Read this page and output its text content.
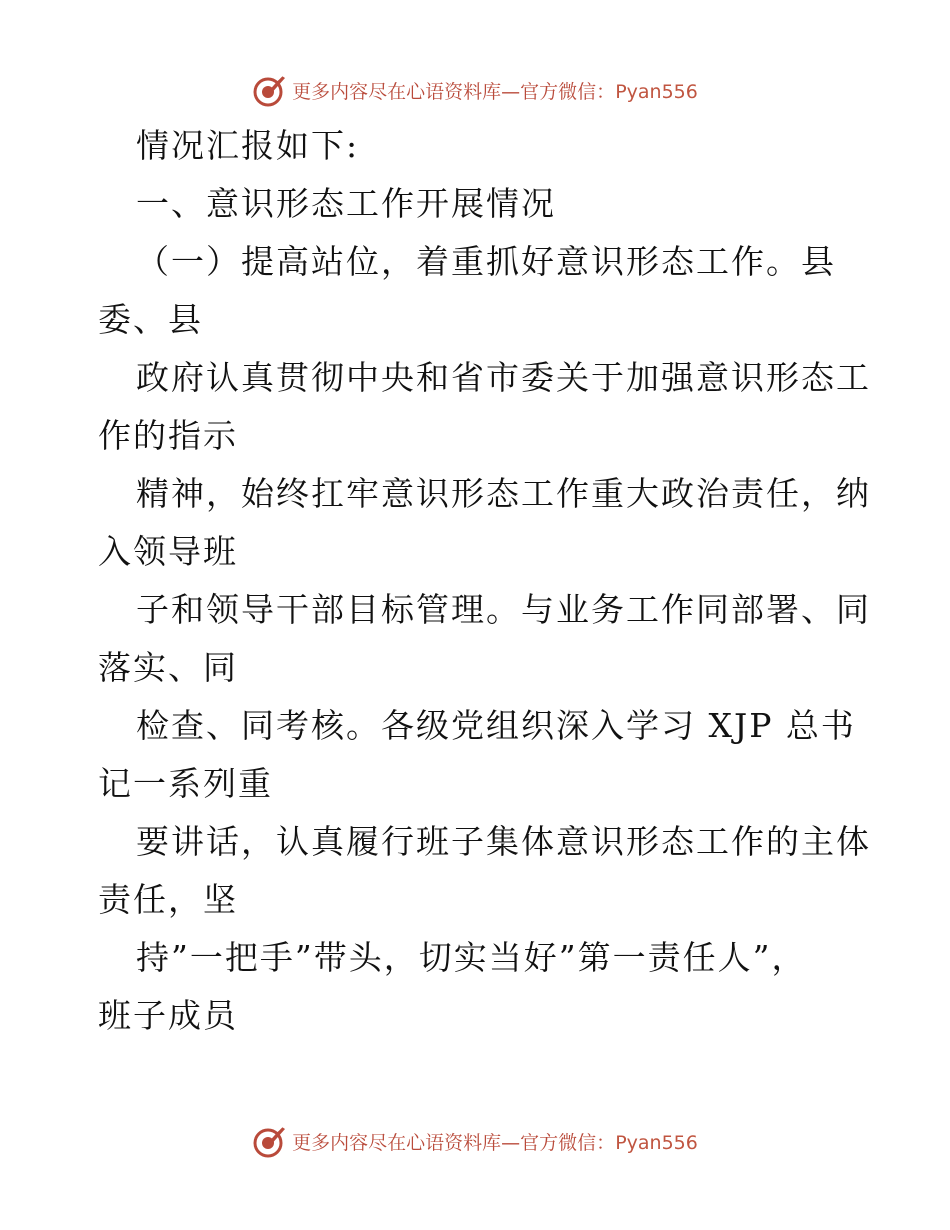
更多内容尽在心语资料库—官方微信：Pyan556
情况汇报如下:
一、意识形态工作开展情况
（一）提高站位，着重抓好意识形态工作。县
委、县
政府认真贯彻中央和省市委关于加强意识形态工
作的指示
精神，始终扛牢意识形态工作重大政治责任，纳
入领导班
子和领导干部目标管理。与业务工作同部署、同
落实、同
检查、同考核。各级党组织深入学习 XJP 总书
记一系列重
要讲话，认真履行班子集体意识形态工作的主体
责任，坚
持”一把手”带头，切实当好”第一责任人”，
班子成员
更多内容尽在心语资料库—官方微信：Pyan556
